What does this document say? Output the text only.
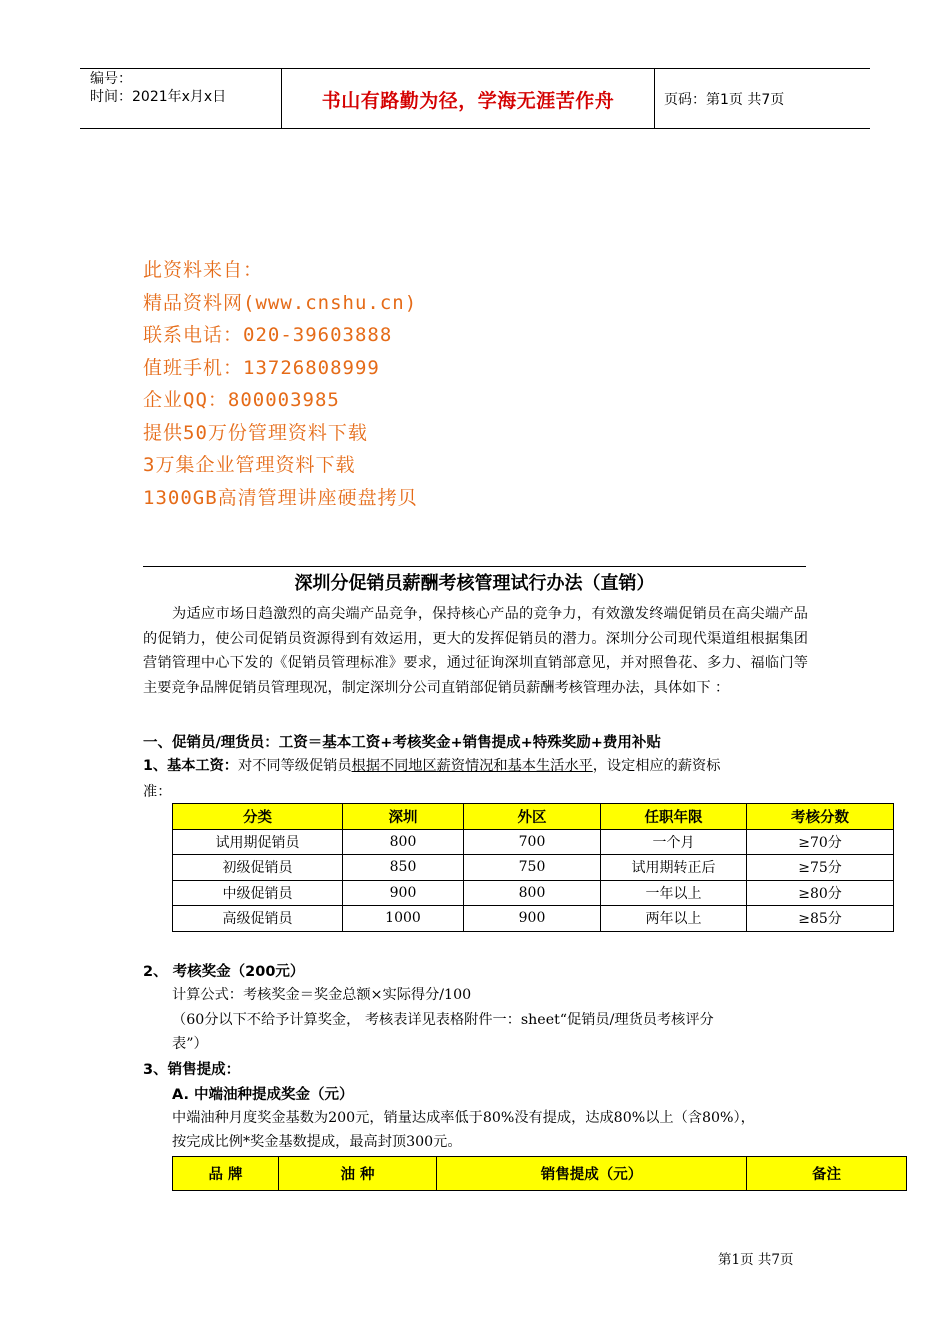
编号：
时间：2021年x月x日	书山有路勤为径，学海无涯苦作舟	页码：第1页 共7页
此资料来自：
精品资料网(www.cnshu.cn)
联系电话：020-39603888
值班手机：13726808999
企业QQ：800003985
提供50万份管理资料下载
3万集企业管理资料下载
1300GB高清管理讲座硬盘拷贝
深圳分促销员薪酬考核管理试行办法（直销）
为适应市场日趋激烈的高尖端产品竞争，保持核心产品的竞争力，有效激发终端促销员在高尖端产品的促销力，使公司促销员资源得到有效运用，更大的发挥促销员的潜力。深圳分公司现代渠道组根据集团营销管理中心下发的《促销员管理标准》要求，通过征询深圳直销部意见，并对照鲁花、多力、福临门等主要竞争品牌促销员管理现况，制定深圳分公司直销部促销员薪酬考核管理办法，具体如下 ：
一、促销员/理货员：工资＝基本工资+考核奖金+销售提成+特殊奖励+费用补贴
1、基本工资：对不同等级促销员根据不同地区薪资情况和基本生活水平，设定相应的薪资标
准：
分类	深圳	外区	任职年限	考核分数
试用期促销员	800	700	一个月	≥70分
初级促销员	850	750	试用期转正后	≥75分
中级促销员	900	800	一年以上	≥80分
高级促销员	1000	900	两年以上	≥85分
2、 考核奖金（200元）
计算公式：考核奖金＝奖金总额×实际得分/100
（60分以下不给予计算奖金， 考核表详见表格附件一：sheet“促销员/理货员考核评分
表”）
3、销售提成：
A. 中端油种提成奖金（元）
中端油种月度奖金基数为200元，销量达成率低于80%没有提成，达成80%以上（含80%），
按完成比例*奖金基数提成，最高封顶300元。
品 牌	油 种	销售提成（元）	备注
第1页 共7页
